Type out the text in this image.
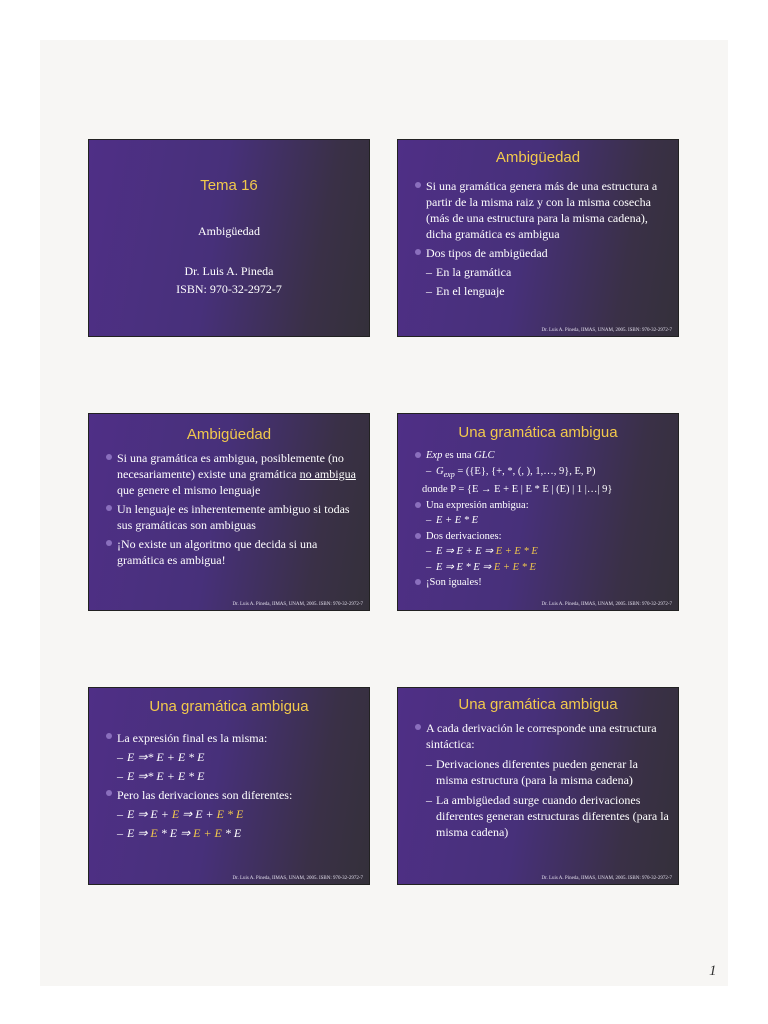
Tema 16
Ambigüedad
Dr. Luis A. Pineda
ISBN: 970-32-2972-7
Ambigüedad
Si una gramática genera más de una estructura a partir de la misma raiz y con la misma cosecha (más de una estructura para la misma cadena), dicha gramática es ambigua
Dos tipos de ambigüedad
– En la gramática
– En el lenguaje
Dr. Luis A. Pineda, IIMAS, UNAM, 2005. ISBN: 970-32-2972-7
Ambigüedad
Si una gramática es ambigua, posiblemente (no necesariamente) existe una gramática no ambigua que genere el mismo lenguaje
Un lenguaje es inherentemente ambiguo si todas sus gramáticas son ambiguas
¡No existe un algoritmo que decida si una gramática es ambigua!
Dr. Luis A. Pineda, IIMAS, UNAM, 2005. ISBN: 970-32-2972-7
Una gramática ambigua
Exp es una GLC
– $G_{exp} = (\{E\}$, {+, *, (, ), 1,…, 9}, E, P)
donde P = {E → E + E | E * E | (E) | 1 |…| 9}
Una expresión ambigua:
– E + E * E
Dos derivaciones:
– E ⇒ E + E ⇒ E + E * E
– E ⇒ E * E ⇒ E + E * E
¡Son iguales!
Dr. Luis A. Pineda, IIMAS, UNAM, 2005. ISBN: 970-32-2972-7
Una gramática ambigua
La expresión final es la misma:
– E ⇒* E + E * E
– E ⇒* E + E * E
Pero las derivaciones son diferentes:
– E ⇒ E + E ⇒ E + E * E
– E ⇒ E * E ⇒ E + E * E
Dr. Luis A. Pineda, IIMAS, UNAM, 2005. ISBN: 970-32-2972-7
Una gramática ambigua
A cada derivación le corresponde una estructura sintáctica:
– Derivaciones diferentes pueden generar la misma estructura (para la misma cadena)
– La ambigüedad surge cuando derivaciones diferentes generan estructuras diferentes (para la misma cadena)
Dr. Luis A. Pineda, IIMAS, UNAM, 2005. ISBN: 970-32-2972-7
1
